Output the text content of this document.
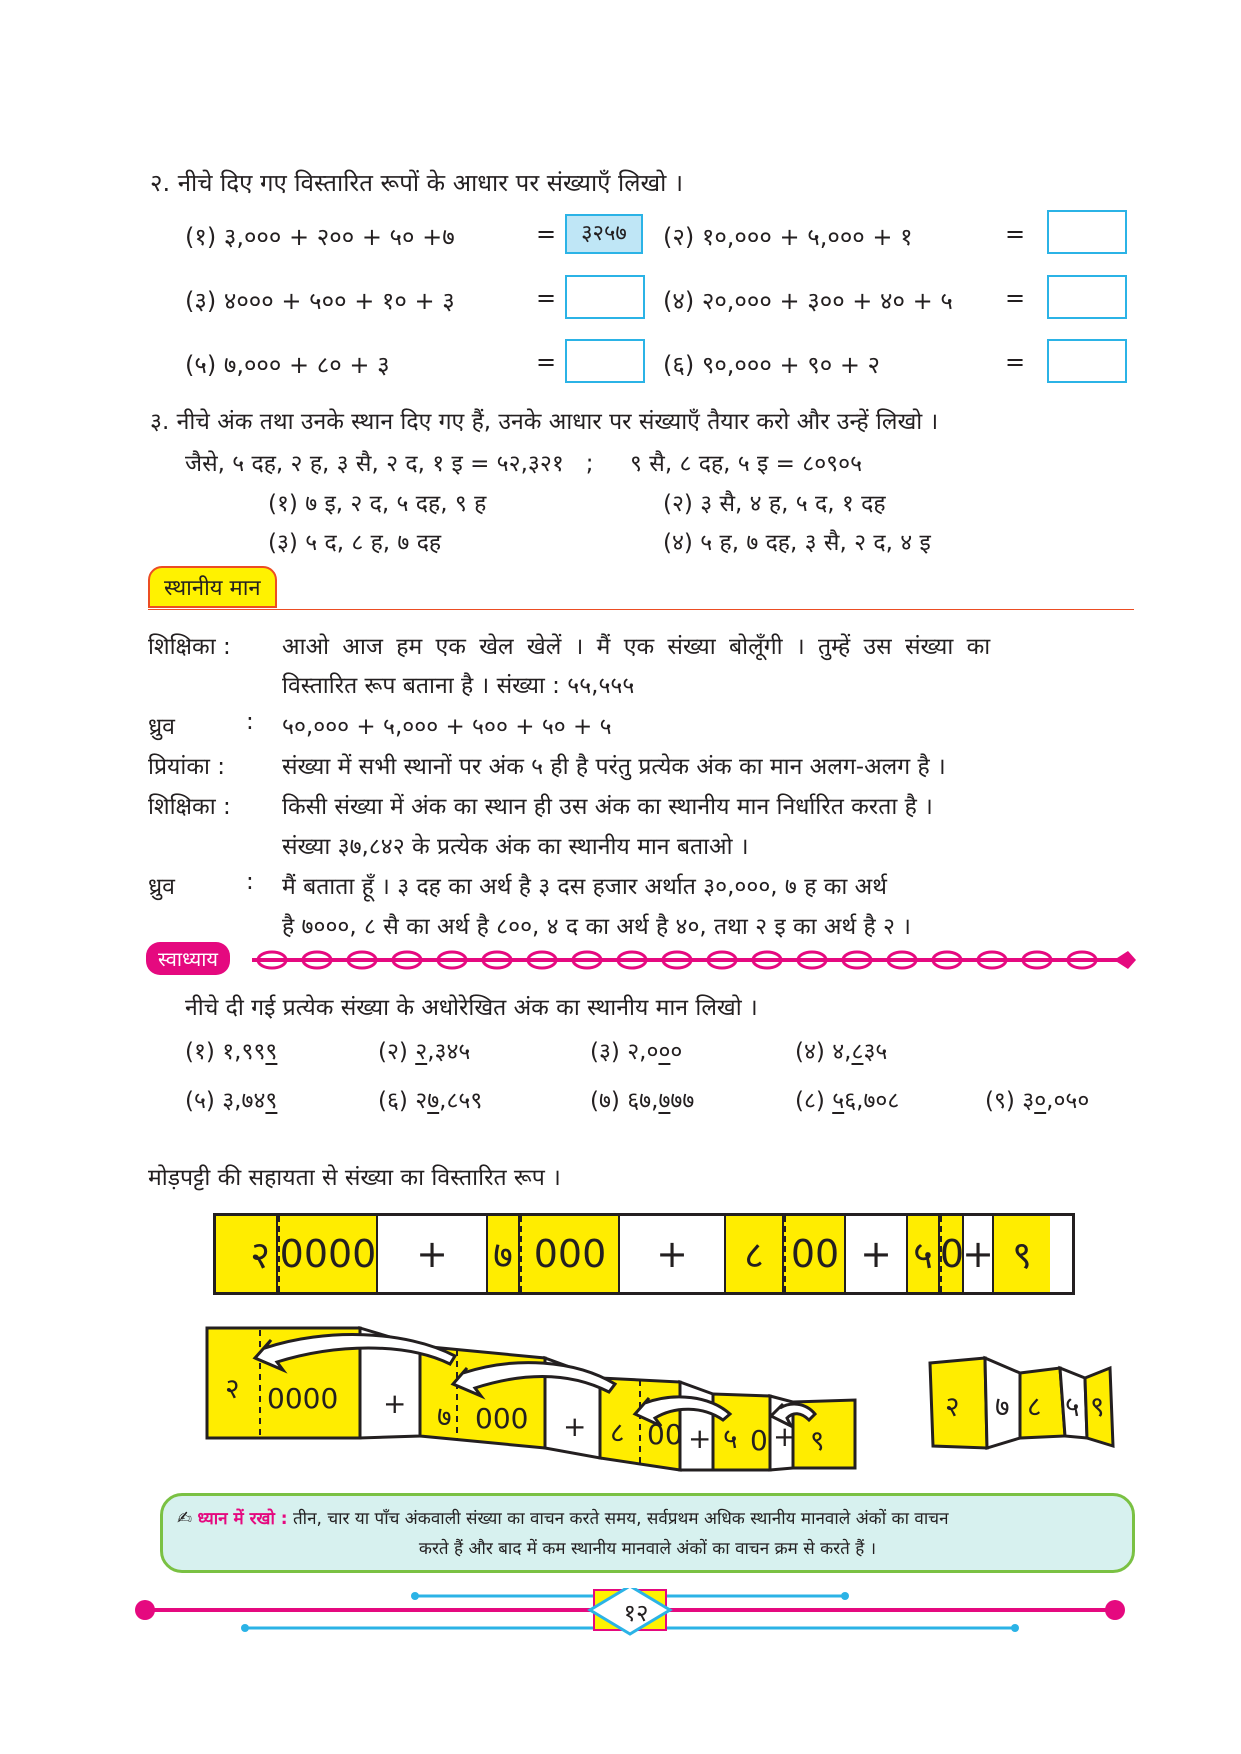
२. नीचे दिए गए विस्तारित रूपों के आधार पर संख्याएँ लिखो ।
(१) ३,००० + २०० + ५० +७	=	३२५७	(२) १०,००० + ५,००० + १	=
(३) ४००० + ५०० + १० + ३	=	(४) २०,००० + ३०० + ४० + ५ =
(५) ७,००० + ८० + ३	=	(६) ९०,००० + ९० + २	=
३. नीचे अंक तथा उनके स्थान दिए गए हैं, उनके आधार पर संख्याएँ तैयार करो और उन्हें लिखो ।
जैसे, ५ दह, २ ह, ३ सै, २ द, १ इ = ५२,३२१   ;     ९ सै, ८ दह, ५ इ = ८०९०५
(१) ७ इ, २ द, ५ दह, ९ ह	(२) ३ सै, ४ ह, ५ द, १ दह
(३) ५ द, ८ ह, ७ दह	(४) ५ ह, ७ दह, ३ सै, २ द, ४ इ
स्थानीय मान
शिक्षिका : आओ आज हम एक खेल खेलें । मैं एक संख्या बोलूँगी । तुम्हें उस संख्या का
विस्तारित रूप बताना है । संख्या : ५५,५५५
ध्रुव	: ५०,००० + ५,००० + ५०० + ५० + ५
प्रियांका : संख्या में सभी स्थानों पर अंक ५ ही है परंतु प्रत्येक अंक का मान अलग-अलग है ।
शिक्षिका : किसी संख्या में अंक का स्थान ही उस अंक का स्थानीय मान निर्धारित करता है ।
संख्या ३७,८४२ के प्रत्येक अंक का स्थानीय मान बताओ ।
ध्रुव	: मैं बताता हूँ । ३ दह का अर्थ है ३ दस हजार अर्थात ३०,०००, ७ ह का अर्थ
है ७०००, ८ सै का अर्थ है ८००, ४ द का अर्थ है ४०, तथा २ इ का अर्थ है २ ।
स्वाध्याय
नीचे दी गई प्रत्येक संख्या के अधोरेखित अंक का स्थानीय मान लिखो ।
(१) १,९९९	(२) २,३४५	(३) २,०००	(४) ४,८३५
(५) ३,७४९	(६) २७,८५९	(७) ६७,७७७	(८) ५६,७०८	(९) ३०,०५०
मोड़पट्टी की सहायता से संख्या का विस्तारित रूप ।
२ 0000	+	७ 000	+	८ 00 + ५ 0
+ ९
२ 0000 + ७ 000 + ८ 00 + ५ 0 + ९
२ ७ ८ ५ ९
✍ ध्यान में रखो : तीन, चार या पाँच अंकवाली संख्या का वाचन करते समय, सर्वप्रथम अधिक स्थानीय मानवाले अंकों का वाचन
करते हैं और बाद में कम स्थानीय मानवाले अंकों का वाचन क्रम से करते हैं ।
१२
